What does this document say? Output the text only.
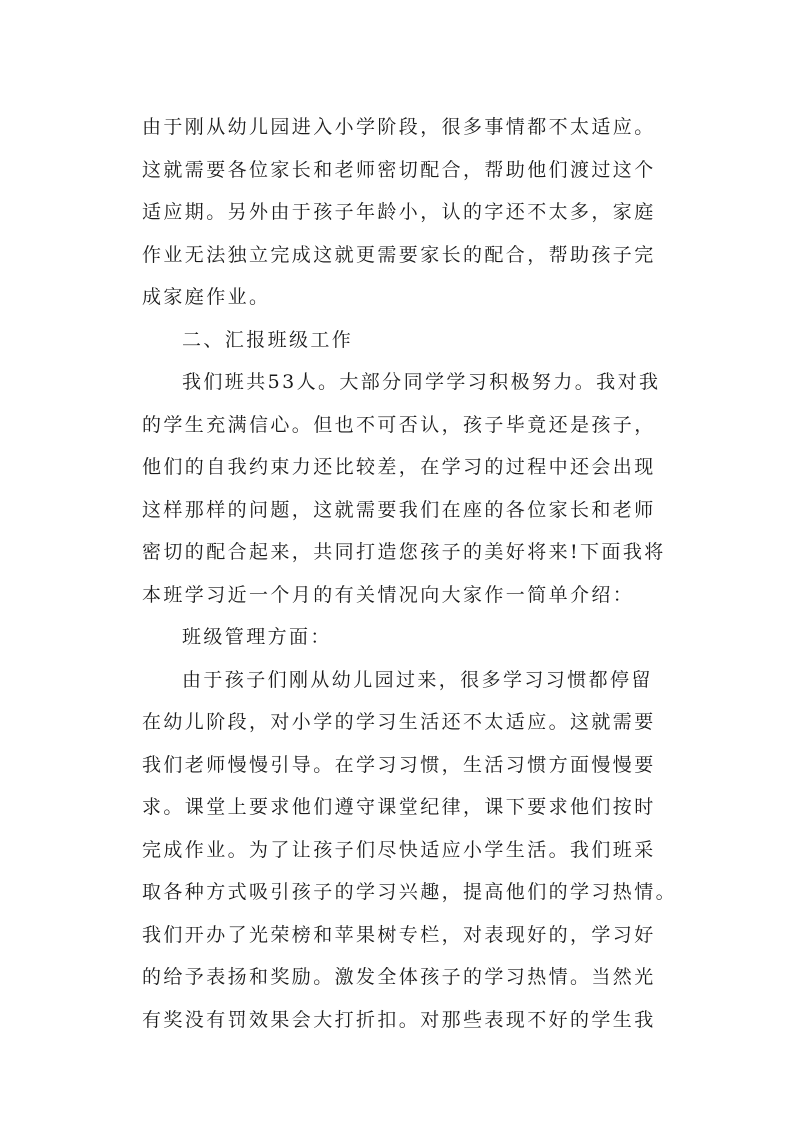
由于刚从幼儿园进入小学阶段，很多事情都不太适应。
这就需要各位家长和老师密切配合，帮助他们渡过这个
适应期。另外由于孩子年龄小，认的字还不太多，家庭
作业无法独立完成这就更需要家长的配合，帮助孩子完
成家庭作业。
二、汇报班级工作
我们班共53人。大部分同学学习积极努力。我对我
的学生充满信心。但也不可否认，孩子毕竟还是孩子，
他们的自我约束力还比较差，在学习的过程中还会出现
这样那样的问题，这就需要我们在座的各位家长和老师
密切的配合起来，共同打造您孩子的美好将来!下面我将
本班学习近一个月的有关情况向大家作一简单介绍：
班级管理方面：
由于孩子们刚从幼儿园过来，很多学习习惯都停留
在幼儿阶段，对小学的学习生活还不太适应。这就需要
我们老师慢慢引导。在学习习惯，生活习惯方面慢慢要
求。课堂上要求他们遵守课堂纪律，课下要求他们按时
完成作业。为了让孩子们尽快适应小学生活。我们班采
取各种方式吸引孩子的学习兴趣，提高他们的学习热情。
我们开办了光荣榜和苹果树专栏，对表现好的，学习好
的给予表扬和奖励。激发全体孩子的学习热情。当然光
有奖没有罚效果会大打折扣。对那些表现不好的学生我
